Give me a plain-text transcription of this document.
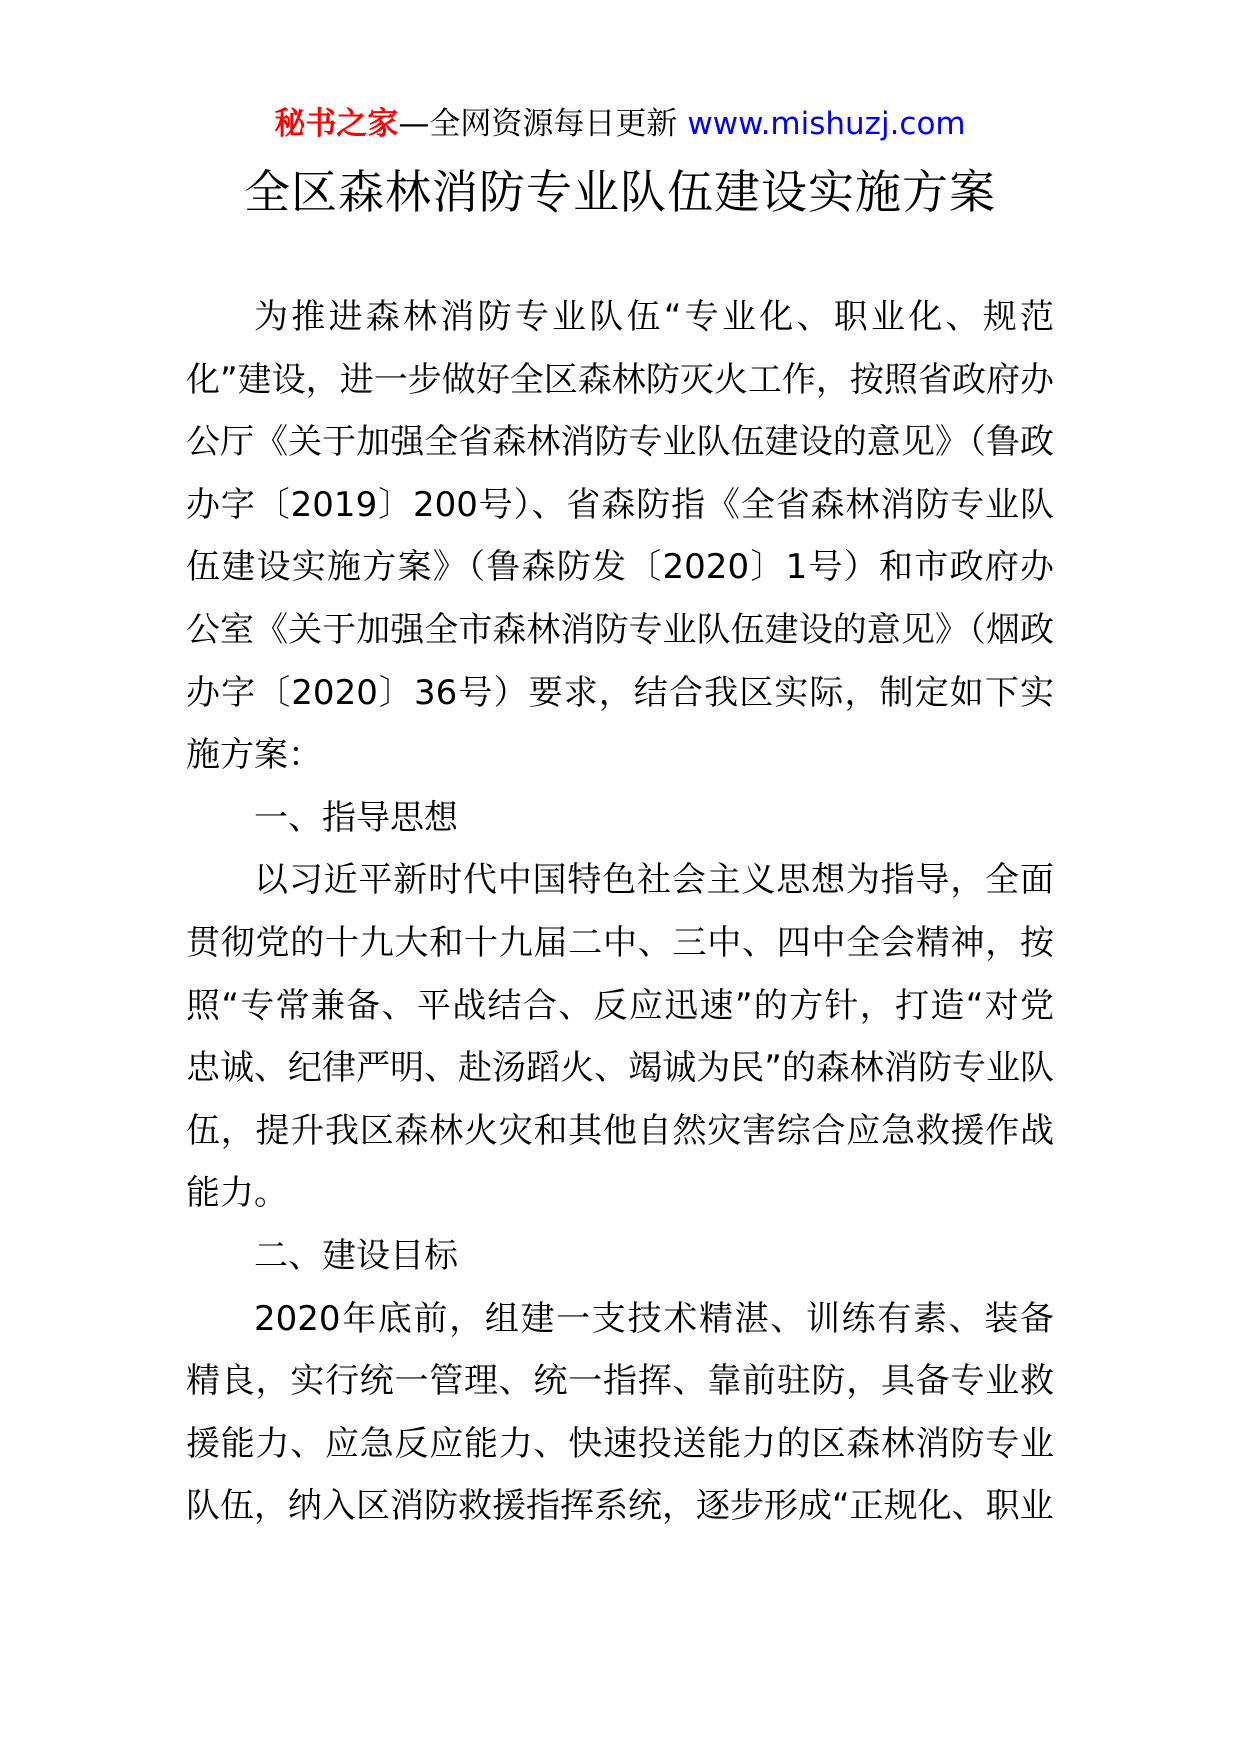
秘书之家—全网资源每日更新 www.mishuzj.com
全区森林消防专业队伍建设实施方案

为推进森林消防专业队伍“专业化、职业化、规范化”建设，进一步做好全区森林防灭火工作，按照省政府办公厅《关于加强全省森林消防专业队伍建设的意见》（鲁政办字〔2019〕200号）、省森防指《全省森林消防专业队伍建设实施方案》（鲁森防发〔2020〕1号）和市政府办公室《关于加强全市森林消防专业队伍建设的意见》（烟政办字〔2020〕36号）要求，结合我区实际，制定如下实施方案：

一、指导思想

以习近平新时代中国特色社会主义思想为指导，全面贯彻党的十九大和十九届二中、三中、四中全会精神，按照“专常兼备、平战结合、反应迅速”的方针，打造“对党忠诚、纪律严明、赴汤蹈火、竭诚为民”的森林消防专业队伍，提升我区森林火灾和其他自然灾害综合应急救援作战能力。

二、建设目标

2020年底前，组建一支技术精湛、训练有素、装备精良，实行统一管理、统一指挥、靠前驻防，具备专业救援能力、应急反应能力、快速投送能力的区森林消防专业队伍，纳入区消防救援指挥系统，逐步形成“正规化、职业
